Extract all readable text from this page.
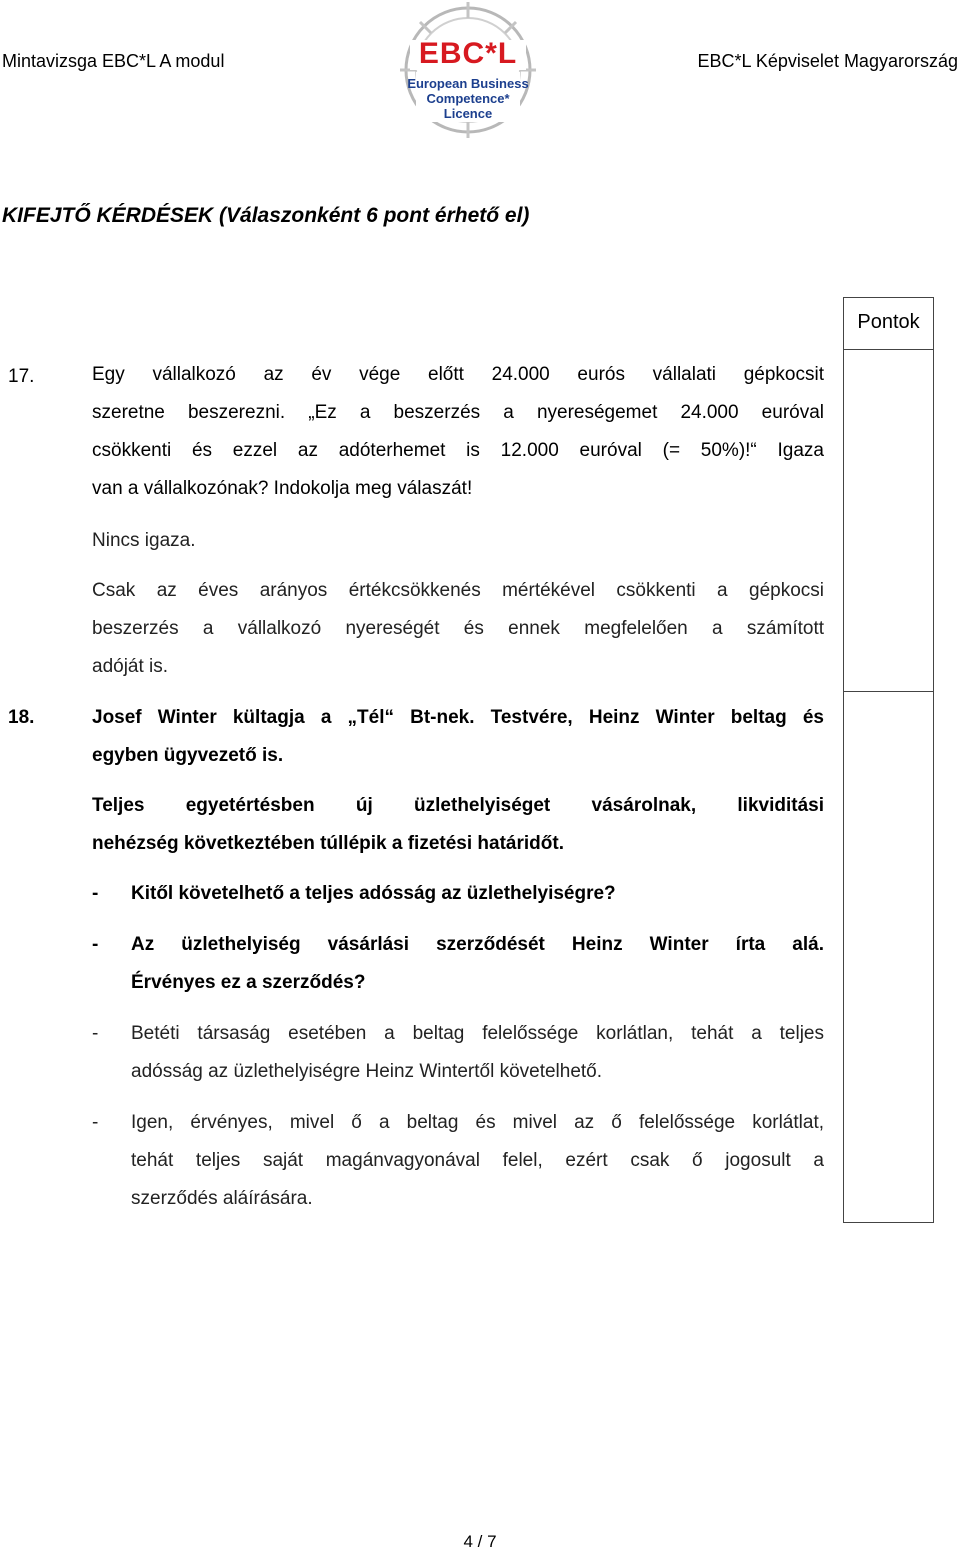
Mintavizsga EBC*L A modul	EBC*L Képviselet Magyarország
EBC*L
European Business
Competence*
Licence
KIFEJTŐ KÉRDÉSEK (Válaszonként 6 pont érhető el)
Pontok
17.	Egy vállalkozó az év vége előtt 24.000 eurós vállalati gépkocsit
szeretne beszerezni. „Ez a beszerzés a nyereségemet 24.000 euróval
csökkenti és ezzel az adóterhemet is 12.000 euróval (= 50%)!“ Igaza
van a vállalkozónak? Indokolja meg válaszát!
Nincs igaza.
Csak az éves arányos értékcsökkenés mértékével csökkenti a gépkocsi
beszerzés a vállalkozó nyereségét és ennek megfelelően a számított
adóját is.
18.	Josef Winter kültagja a „Tél“ Bt-nek. Testvére, Heinz Winter beltag és
egyben ügyvezető is.
Teljes egyetértésben új üzlethelyiséget vásárolnak, likviditási
nehézség következtében túllépik a fizetési határidőt.
- Kitől követelhető a teljes adósság az üzlethelyiségre?
- Az üzlethelyiség vásárlási szerződését Heinz Winter írta alá.
Érvényes ez a szerződés?
- Betéti társaság esetében a beltag felelőssége korlátlan, tehát a teljes
adósság az üzlethelyiségre Heinz Wintertől követelhető.
- Igen, érvényes, mivel ő a beltag és mivel az ő felelőssége korlátlat,
tehát teljes saját magánvagyonával felel, ezért csak ő jogosult a
szerződés aláírására.
4 / 7
